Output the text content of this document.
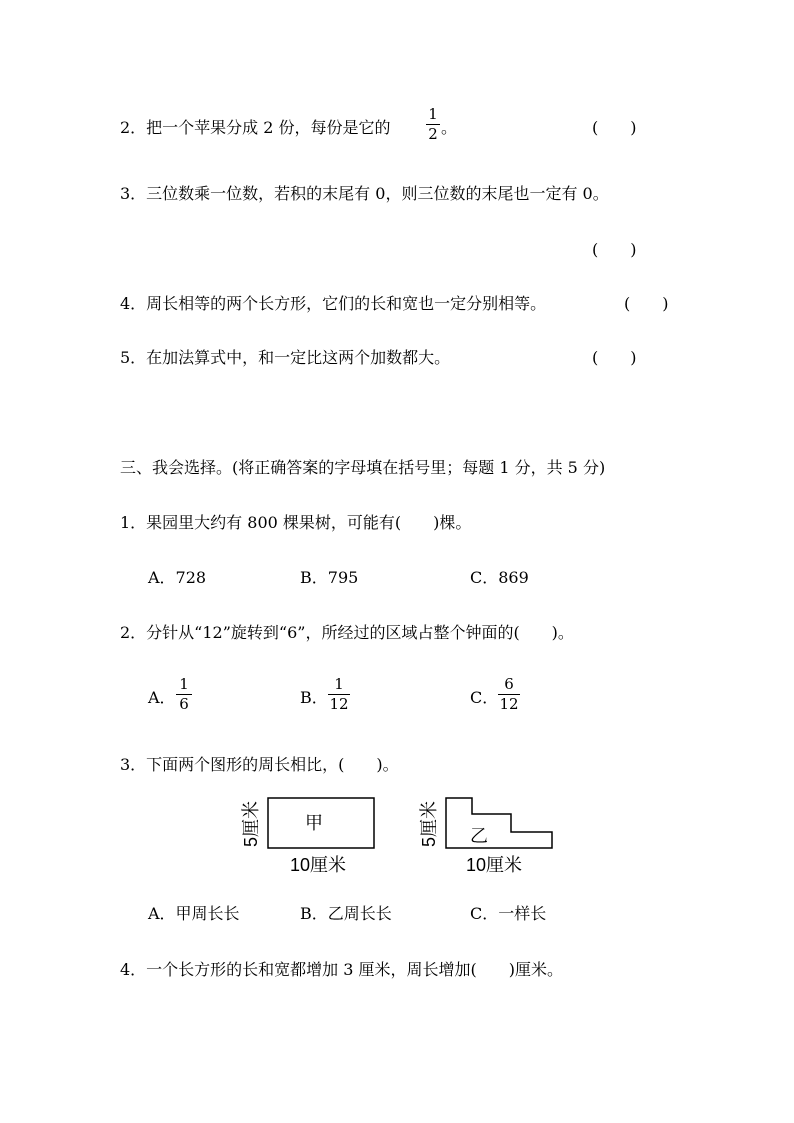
2．把一个苹果分成 2 份，每份是它的
1
2 。	(　　)
3．三位数乘一位数，若积的末尾有 0，则三位数的末尾也一定有 0。
(　　)
4．周长相等的两个长方形，它们的长和宽也一定分别相等。	(　　)
5．在加法算式中，和一定比这两个加数都大。	(　　)
三、我会选择。(将正确答案的字母填在括号里；每题 1 分，共 5 分)
1．果园里大约有 800 棵果树，可能有(　　)棵。
A．728	B．795	C．869
2．分针从“12”旋转到“6”，所经过的区域占整个钟面的(　　)。
A．
1
6	B．
1
12	C．
6
12
3．下面两个图形的周长相比，(　　)。
甲
5厘米
10厘米
乙
5厘米
10厘米
A．甲周长长	B．乙周长长	C．一样长
4．一个长方形的长和宽都增加 3 厘米，周长增加(　　)厘米。
